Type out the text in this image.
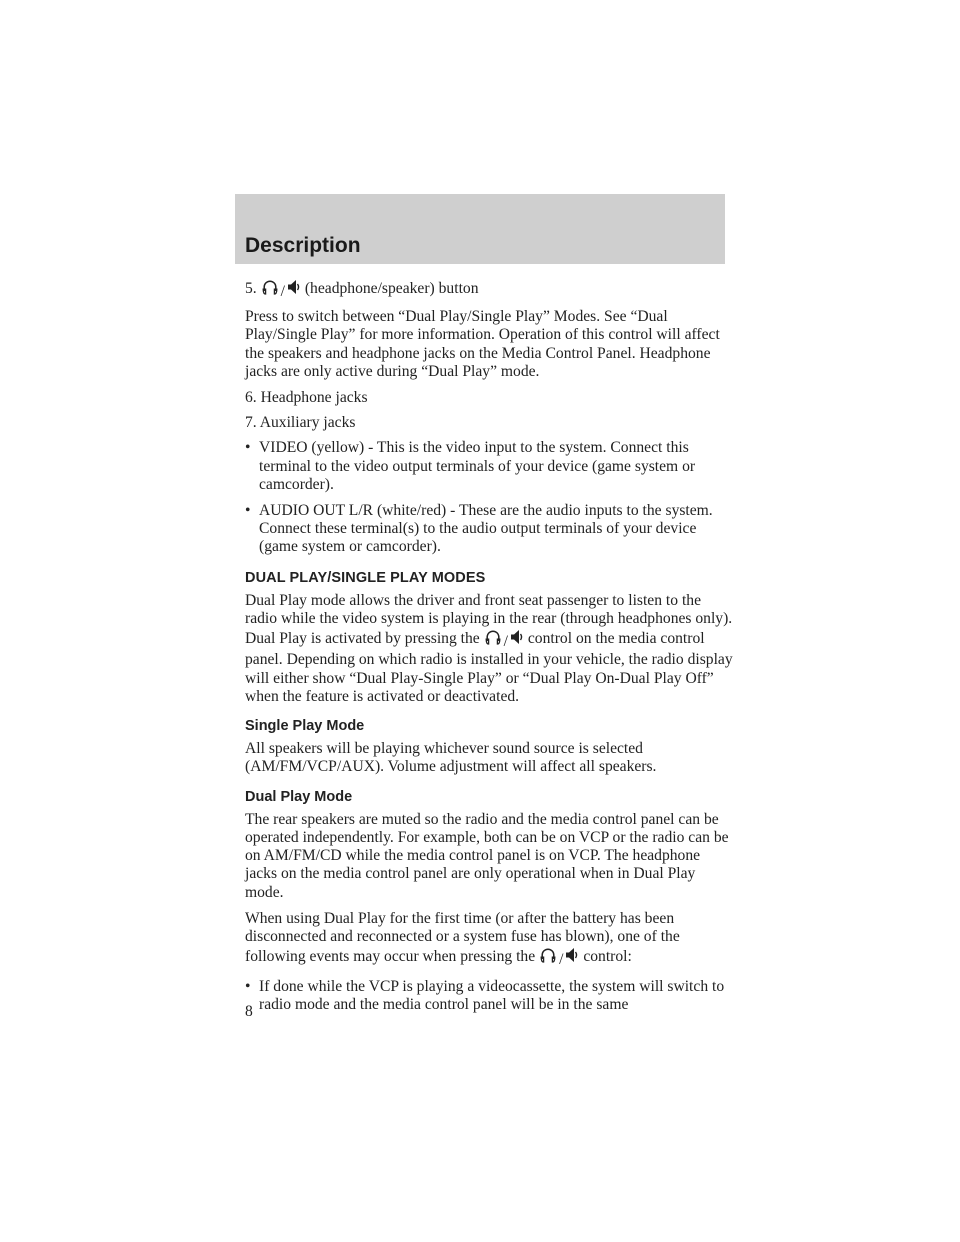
Description

5. / (headphone/speaker) button

Press to switch between “Dual Play/Single Play” Modes. See “Dual Play/Single Play” for more information. Operation of this control will affect the speakers and headphone jacks on the Media Control Panel. Headphone jacks are only active during “Dual Play” mode.

6. Headphone jacks

7. Auxiliary jacks

• VIDEO (yellow) - This is the video input to the system. Connect this terminal to the video output terminals of your device (game system or camcorder).
• AUDIO OUT L/R (white/red) - These are the audio inputs to the system. Connect these terminal(s) to the audio output terminals of your device (game system or camcorder).
DUAL PLAY/SINGLE PLAY MODES

Dual Play mode allows the driver and front seat passenger to listen to the radio while the video system is playing in the rear (through headphones only). Dual Play is activated by pressing the / control on the media control panel. Depending on which radio is installed in your vehicle, the radio display will either show “Dual Play-Single Play” or “Dual Play On-Dual Play Off” when the feature is activated or deactivated.

Single Play Mode

All speakers will be playing whichever sound source is selected (AM/FM/VCP/AUX). Volume adjustment will affect all speakers.

Dual Play Mode

The rear speakers are muted so the radio and the media control panel can be operated independently. For example, both can be on VCP or the radio can be on AM/FM/CD while the media control panel is on VCP. The headphone jacks on the media control panel are only operational when in Dual Play mode.

When using Dual Play for the first time (or after the battery has been disconnected and reconnected or a system fuse has blown), one of the following events may occur when pressing the / control:

• If done while the VCP is playing a videocassette, the system will switch to radio mode and the media control panel will be in the same
8
